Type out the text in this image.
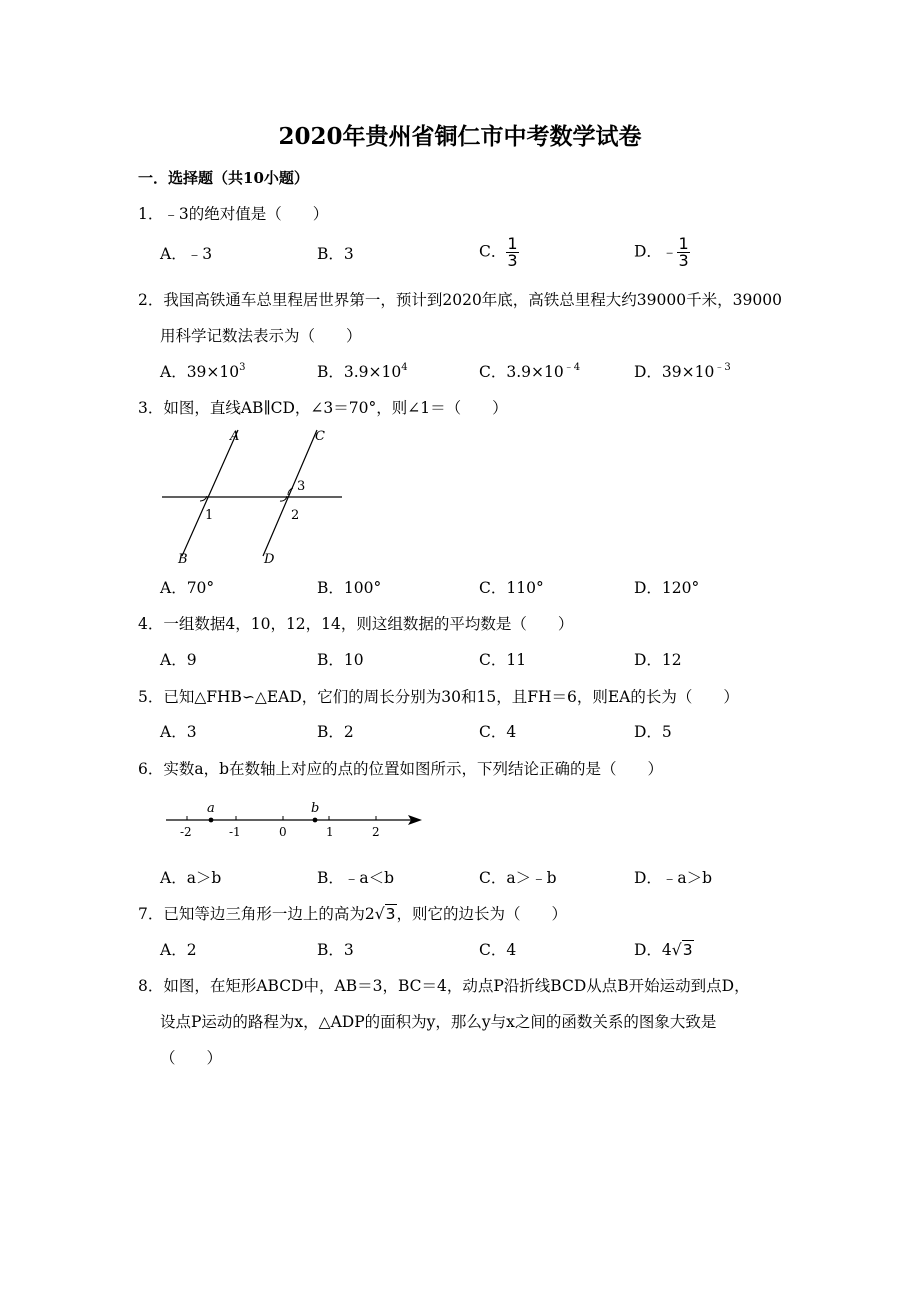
2020年贵州省铜仁市中考数学试卷
一．选择题（共10小题）
1．﹣3的绝对值是（　　）
A．﹣3	B．3	C． $\frac{1}{3}$	D．﹣ $\frac{1}{3}$
2．我国高铁通车总里程居世界第一，预计到2020年底，高铁总里程大约39000千米，39000
用科学记数法表示为（　　）
A．$39\times 10^3$	B．$3.9\times 10^4$	C．$3.9\times 10^{﹣4}$	D．$39\times 10^{﹣3}$
3．如图，直线AB∥CD，∠3＝70°，则∠1＝（　　）
A	C
3
1	2
B	D
A．70°	B．100°	C．110°	D．120°
4．一组数据4，10，12，14，则这组数据的平均数是（　　）
A．9	B．10	C．11	D．12
5．已知△FHB∽△EAD，它们的周长分别为30和15，且FH＝6，则EA的长为（　　）
A．3	B．2	C．4	D．5
6．实数a，b在数轴上对应的点的位置如图所示，下列结论正确的是（　　）
a	b
-2	-1	0	1	2
A．a＞b	B．﹣a＜b	C．a＞﹣b	D．﹣a＞b
7．已知等边三角形一边上的高为2√3，则它的边长为（　　）
A．2	B．3	C．4	D．4√3
8．如图，在矩形ABCD中，AB＝3，BC＝4，动点P沿折线BCD从点B开始运动到点D，
设点P运动的路程为x，△ADP的面积为y，那么y与x之间的函数关系的图象大致是
（　　）
